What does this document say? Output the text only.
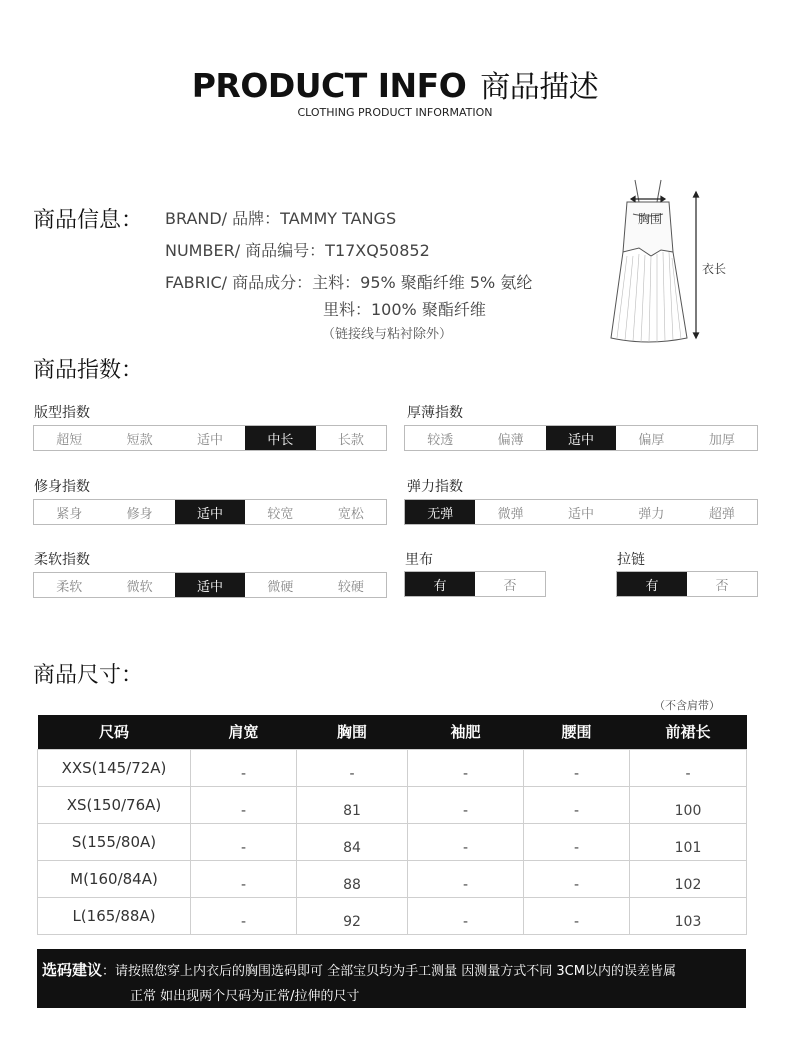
PRODUCT INFO 商品描述
CLOTHING PRODUCT INFORMATION
商品信息： BRAND/ 品牌：TAMMY TANGS
NUMBER/ 商品编号：T17XQ50852
FABRIC/ 商品成分：主料：95% 聚酯纤维 5% 氨纶
里料：100% 聚酯纤维
（链接线与粘衬除外）
胸围
衣长
商品指数：
版型指数
超短	短款	适中	中长	长款
厚薄指数
较透	偏薄	适中	偏厚	加厚
修身指数
紧身	修身	适中	较宽	宽松
弹力指数
无弹	微弹	适中	弹力	超弹
柔软指数
柔软	微软	适中	微硬	较硬
里布
有	否
拉链
有	否
商品尺寸：
（不含肩带）
尺码	肩宽	胸围	袖肥	腰围	前裙长
XXS(145/72A)	-	-	-	-	-
XS(150/76A)	-	81	-	-	100
S(155/80A)	-	84	-	-	101
M(160/84A)	-	88	-	-	102
L(165/88A)	-	92	-	-	103
选码建议：请按照您穿上内衣后的胸围选码即可 全部宝贝均为手工测量 因测量方式不同 3CM以内的误差皆属
正常 如出现两个尺码为正常/拉伸的尺寸
